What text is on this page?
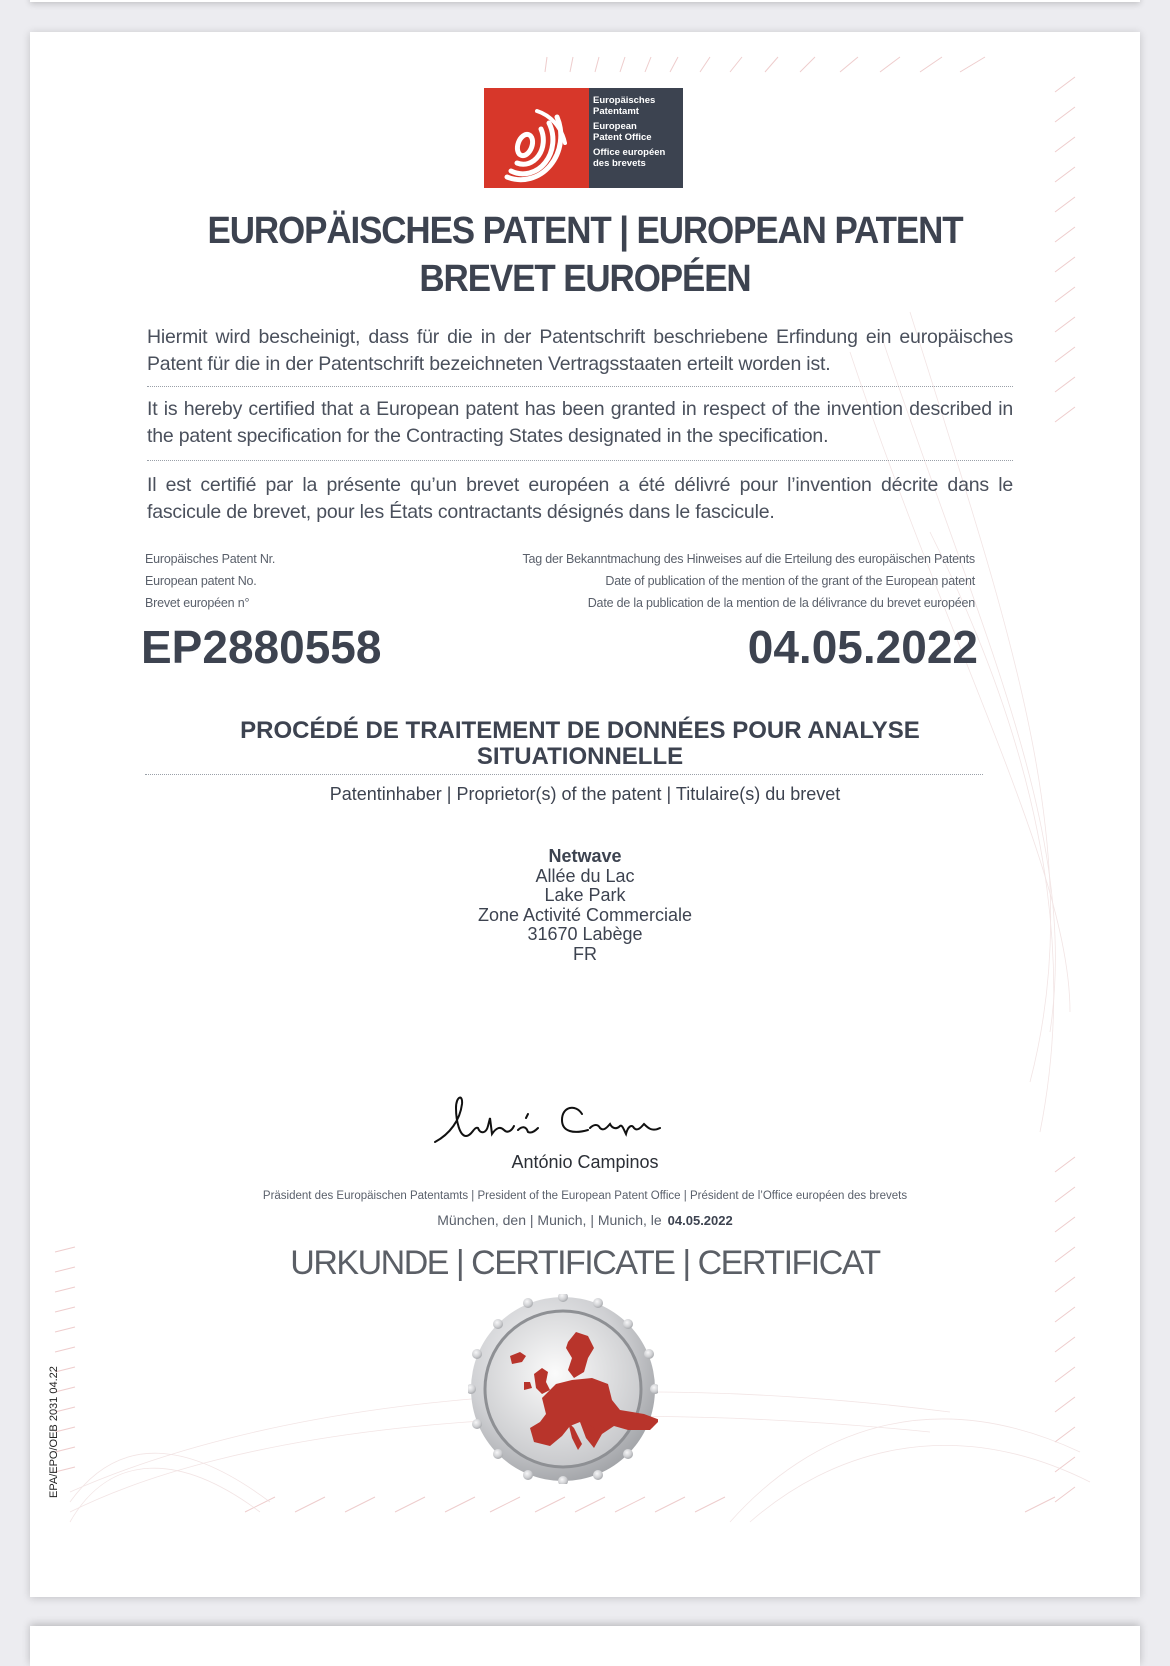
Europäisches
Patentamt
European
Patent Office
Office européen
des brevets
EUROPÄISCHES PATENT | EUROPEAN PATENT
BREVET EUROPÉEN
Hiermit wird bescheinigt, dass für die in der Patentschrift beschriebene Erfindung ein europäisches Patent für die in der Patentschrift bezeichneten Vertragsstaaten erteilt worden ist.
It is hereby certified that a European patent has been granted in respect of the invention described in the patent specification for the Contracting States designated in the specification.
Il est certifié par la présente qu’un brevet européen a été délivré pour l’invention décrite dans le fascicule de brevet, pour les États contractants désignés dans le fascicule.
Europäisches Patent Nr.
European patent No.
Brevet européen n°
Tag der Bekanntmachung des Hinweises auf die Erteilung des europäischen Patents
Date of publication of the mention of the grant of the European patent
Date de la publication de la mention de la délivrance du brevet européen
EP2880558	04.05.2022
PROCÉDÉ DE TRAITEMENT DE DONNÉES POUR ANALYSE
SITUATIONNELLE
Patentinhaber | Proprietor(s) of the patent | Titulaire(s) du brevet
Netwave
Allée du Lac
Lake Park
Zone Activité Commerciale
31670 Labège
FR
António Campinos
Präsident des Europäischen Patentamts | President of the European Patent Office | Président de l’Office européen des brevets
München, den | Munich, | Munich, le 04.05.2022
URKUNDE | CERTIFICATE | CERTIFICAT
EPA/EPO/OEB 2031 04.22
